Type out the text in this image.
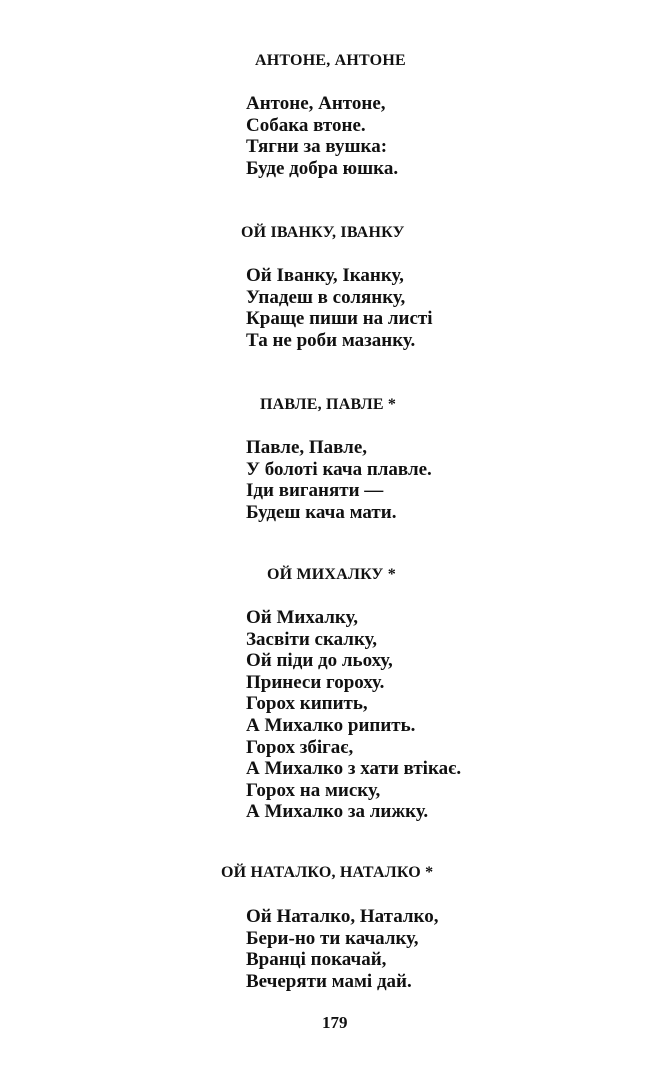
АНТОНЕ, АНТОНЕ
Антоне, Антоне,
Собака втоне.
Тягни за вушка:
Буде добра юшка.
ОЙ ІВАНКУ, ІВАНКУ
Ой Іванку, Іканку,
Упадеш в солянку,
Краще пиши на листі
Та не роби мазанку.
ПАВЛЕ, ПАВЛЕ *
Павле, Павле,
У болоті кача плавле.
Іди виганяти —
Будеш кача мати.
ОЙ МИХАЛКУ *
Ой Михалку,
Засвіти скалку,
Ой піди до льоху,
Принеси гороху.
Горох кипить,
А Михалко рипить.
Горох збігає,
А Михалко з хати втікає.
Горох на миску,
А Михалко за лижку.
ОЙ НАТАЛКО, НАТАЛКО *
Ой Наталко, Наталко,
Бери-но ти качалку,
Вранці покачай,
Вечеряти мамі дай.
179
